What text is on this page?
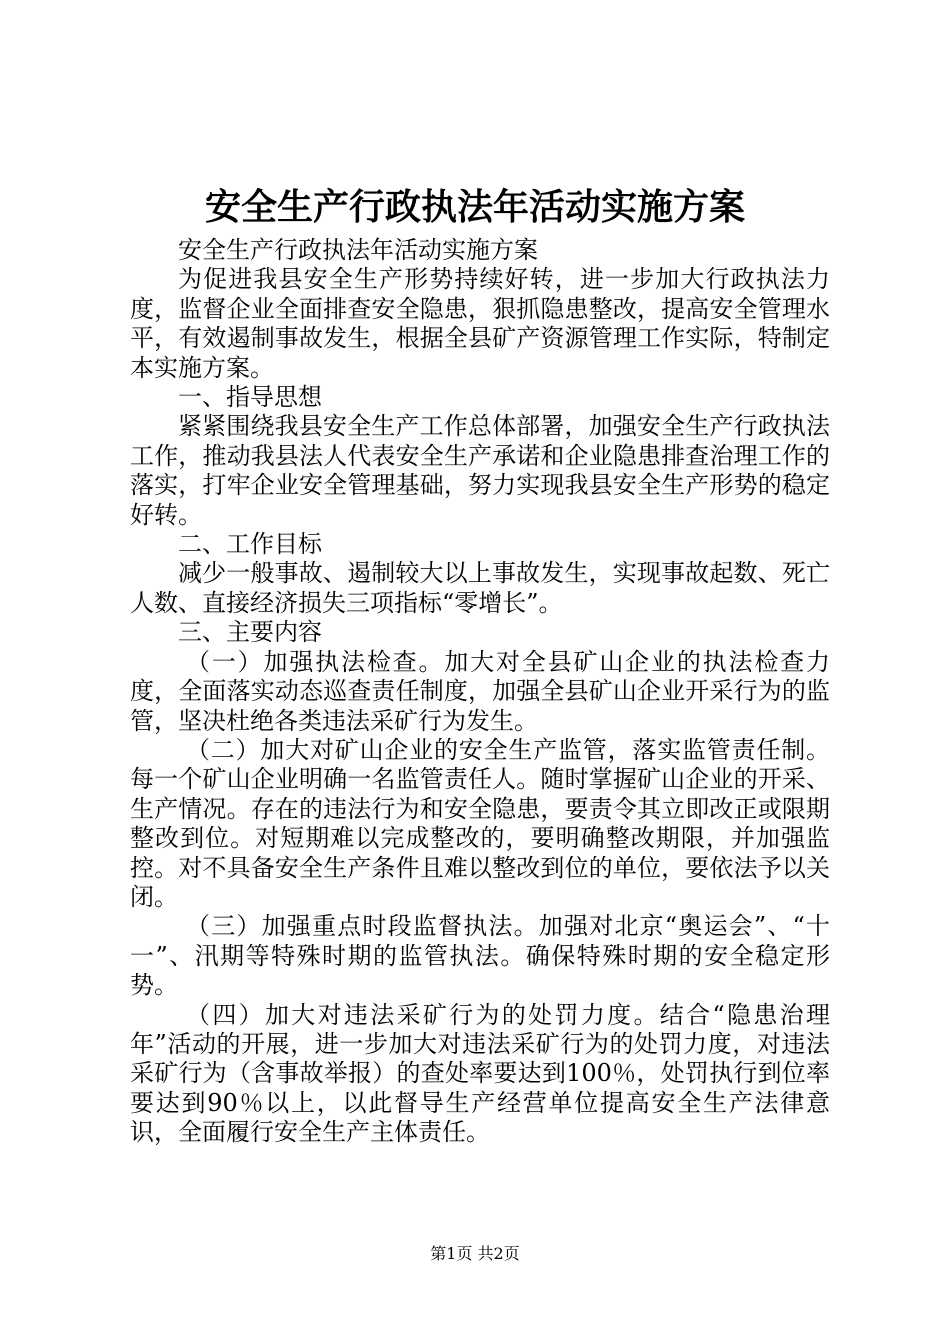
安全生产行政执法年活动实施方案

安全生产行政执法年活动实施方案

为促进我县安全生产形势持续好转，进一步加大行政执法力度，监督企业全面排查安全隐患，狠抓隐患整改，提高安全管理水平，有效遏制事故发生，根据全县矿产资源管理工作实际，特制定本实施方案。

一、指导思想

紧紧围绕我县安全生产工作总体部署，加强安全生产行政执法工作，推动我县法人代表安全生产承诺和企业隐患排查治理工作的落实，打牢企业安全管理基础，努力实现我县安全生产形势的稳定好转。

二、工作目标

减少一般事故、遏制较大以上事故发生，实现事故起数、死亡人数、直接经济损失三项指标“零增长”。

三、主要内容

（一）加强执法检查。加大对全县矿山企业的执法检查力度，全面落实动态巡查责任制度，加强全县矿山企业开采行为的监管，坚决杜绝各类违法采矿行为发生。

（二）加大对矿山企业的安全生产监管，落实监管责任制。每一个矿山企业明确一名监管责任人。随时掌握矿山企业的开采、生产情况。存在的违法行为和安全隐患，要责令其立即改正或限期整改到位。对短期难以完成整改的，要明确整改期限，并加强监控。对不具备安全生产条件且难以整改到位的单位，要依法予以关闭。

（三）加强重点时段监督执法。加强对北京“奥运会”、“十一”、汛期等特殊时期的监管执法。确保特殊时期的安全稳定形势。

（四）加大对违法采矿行为的处罚力度。结合“隐患治理年”活动的开展，进一步加大对违法采矿行为的处罚力度，对违法采矿行为（含事故举报）的查处率要达到100％，处罚执行到位率要达到90％以上，以此督导生产经营单位提高安全生产法律意识，全面履行安全生产主体责任。

第1页 共2页
